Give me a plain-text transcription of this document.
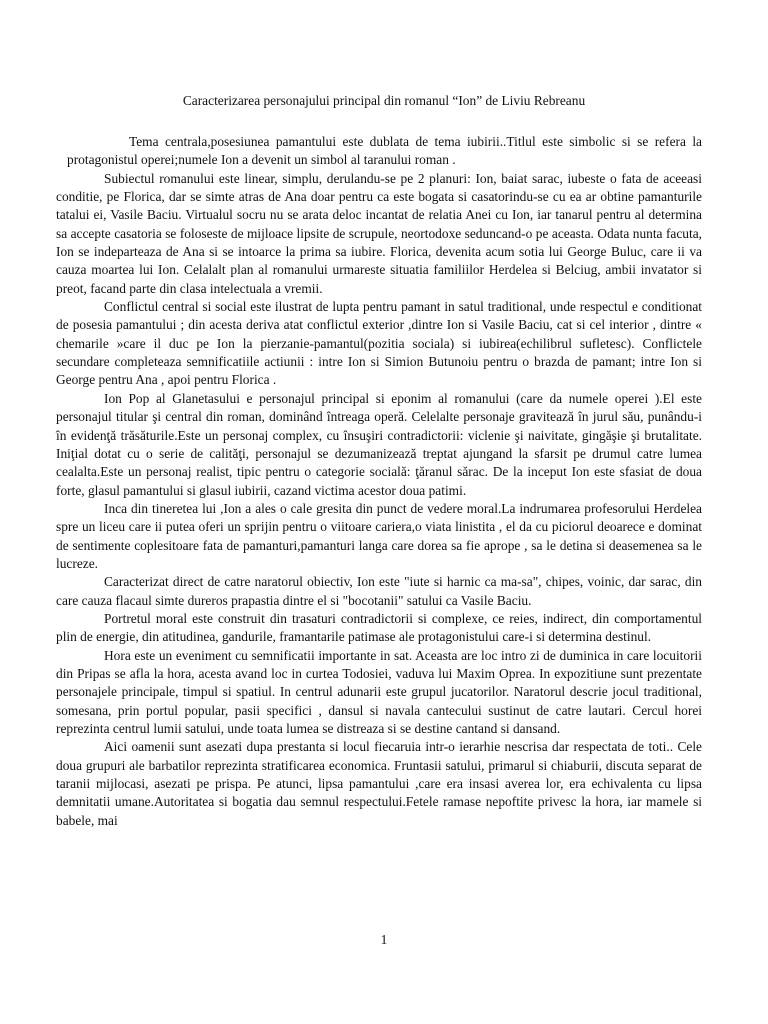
Caracterizarea personajului principal din romanul “Ion” de Liviu Rebreanu

Tema centrala,posesiunea pamantului este dublata de tema iubirii..Titlul este simbolic si se refera la protagonistul operei;numele Ion a devenit un simbol al taranului roman .

Subiectul romanului este linear, simplu, derulandu-se pe 2 planuri: Ion, baiat sarac, iubeste o fata de aceeasi conditie, pe Florica, dar se simte atras de Ana doar pentru ca este bogata si casatorindu-se cu ea ar obtine pamanturile tatalui ei, Vasile Baciu. Virtualul socru nu se arata deloc incantat de relatia Anei cu Ion, iar tanarul pentru al determina sa accepte casatoria se foloseste de mijloace lipsite de scrupule, neortodoxe seduncand-o pe aceasta. Odata nunta facuta, Ion se indeparteaza de Ana si se intoarce la prima sa iubire. Florica, devenita acum sotia lui George Buluc, care ii va cauza moartea lui Ion. Celalalt plan al romanului urmareste situatia familiilor Herdelea si Belciug, ambii invatator si preot, facand parte din clasa intelectuala a vremii.

Conflictul central si social este ilustrat de lupta pentru pamant in satul traditional, unde respectul e conditionat de posesia pamantului ; din acesta deriva atat conflictul exterior ,dintre Ion si Vasile Baciu, cat si cel interior , dintre « chemarile »care il duc pe Ion la pierzanie-pamantul(pozitia sociala) si iubirea(echilibrul sufletesc). Conflictele secundare completeaza semnificatiile actiunii : intre Ion si Simion Butunoiu pentru o brazda de pamant; intre Ion si George pentru Ana , apoi pentru Florica .

Ion Pop al Glanetasului e personajul principal si eponim al romanului (care da numele operei ).El este personajul titular şi central din roman, dominând întreaga operă. Celelalte personaje gravitează în jurul său, punându-i în evidenţă trăsăturile.Este un personaj complex, cu însuşiri contradictorii: viclenie şi naivitate, gingăşie şi brutalitate. Iniţial dotat cu o serie de calităţi, personajul se dezumanizează treptat ajungand la sfarsit pe drumul catre lumea cealalta.Este un personaj realist, tipic pentru o categorie socială: ţăranul sărac. De la inceput Ion este sfasiat de doua forte, glasul pamantului si glasul iubirii, cazand victima acestor doua patimi.

Inca din tineretea lui ,Ion a ales o cale gresita din punct de vedere moral.La indrumarea profesorului Herdelea spre un liceu care ii putea oferi un sprijin pentru o viitoare cariera,o viata linistita , el da cu piciorul deoarece e dominat de sentimente coplesitoare fata de pamanturi,pamanturi langa care dorea sa fie aprope , sa le detina si deasemenea sa le lucreze.

Caracterizat direct de catre naratorul obiectiv, Ion este "iute si harnic ca ma-sa", chipes, voinic, dar sarac, din care cauza flacaul simte dureros prapastia dintre el si "bocotanii" satului ca Vasile Baciu.

Portretul moral este construit din trasaturi contradictorii si complexe, ce reies, indirect, din comportamentul plin de energie, din atitudinea, gandurile, framantarile patimase ale protagonistului care-i si determina destinul.

Hora este un eveniment cu semnificatii importante in sat. Aceasta are loc intro zi de duminica in care locuitorii din Pripas se afla la hora, acesta avand loc in curtea Todosiei, vaduva lui Maxim Oprea. In expozitiune sunt prezentate personajele principale, timpul si spatiul. In centrul adunarii este grupul jucatorilor. Naratorul descrie jocul traditional, somesana, prin portul popular, pasii specifici , dansul si navala cantecului sustinut de catre lautari. Cercul horei reprezinta centrul lumii satului, unde toata lumea se distreaza si se destine cantand si dansand.

Aici oamenii sunt asezati dupa prestanta si locul fiecaruia intr-o ierarhie nescrisa dar respectata de toti.. Cele doua grupuri ale barbatilor reprezinta stratificarea economica. Fruntasii satului, primarul si chiaburii, discuta separat de taranii mijlocasi, asezati pe prispa. Pe atunci, lipsa pamantului ,care era insasi averea lor, era echivalenta cu lipsa demnitatii umane.Autoritatea si bogatia dau semnul respectului.Fetele ramase nepoftite privesc la hora, iar mamele si babele, mai

1
